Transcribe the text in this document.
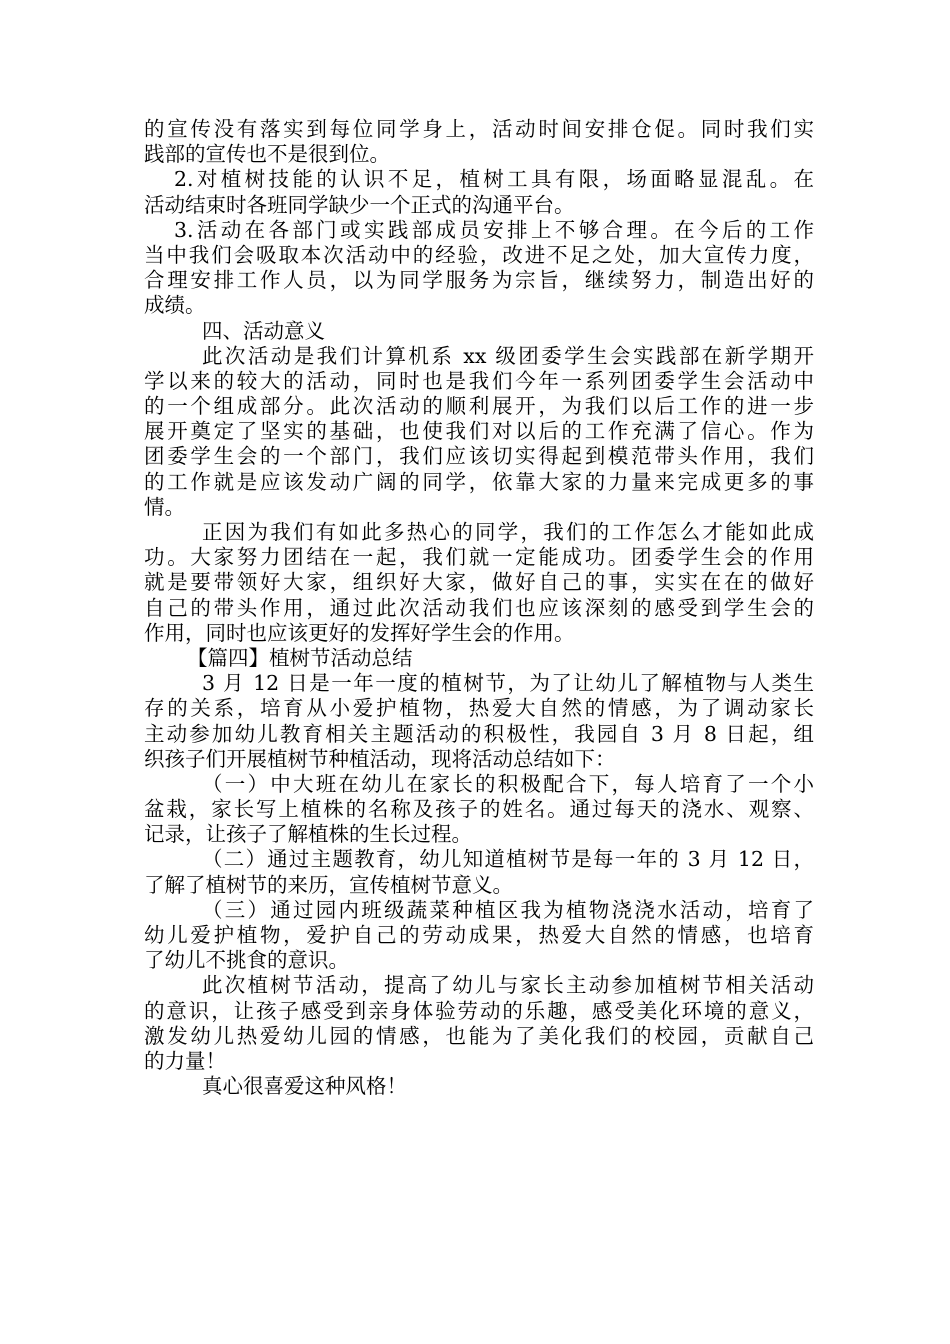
的宣传没有落实到每位同学身上，活动时间安排仓促。同时我们实
践部的宣传也不是很到位。
2.对植树技能的认识不足，植树工具有限，场面略显混乱。在
活动结束时各班同学缺少一个正式的沟通平台。
3.活动在各部门或实践部成员安排上不够合理。在今后的工作
当中我们会吸取本次活动中的经验，改进不足之处，加大宣传力度，
合理安排工作人员，以为同学服务为宗旨，继续努力，制造出好的
成绩。
四、活动意义
此次活动是我们计算机系 xx 级团委学生会实践部在新学期开
学以来的较大的活动，同时也是我们今年一系列团委学生会活动中
的一个组成部分。此次活动的顺利展开，为我们以后工作的进一步
展开奠定了坚实的基础，也使我们对以后的工作充满了信心。作为
团委学生会的一个部门，我们应该切实得起到模范带头作用，我们
的工作就是应该发动广阔的同学，依靠大家的力量来完成更多的事
情。
正因为我们有如此多热心的同学，我们的工作怎么才能如此成
功。大家努力团结在一起，我们就一定能成功。团委学生会的作用
就是要带领好大家，组织好大家，做好自己的事，实实在在的做好
自己的带头作用，通过此次活动我们也应该深刻的感受到学生会的
作用，同时也应该更好的发挥好学生会的作用。
【篇四】植树节活动总结
3 月 12 日是一年一度的植树节，为了让幼儿了解植物与人类生
存的关系，培育从小爱护植物，热爱大自然的情感，为了调动家长
主动参加幼儿教育相关主题活动的积极性，我园自 3 月 8 日起，组
织孩子们开展植树节种植活动，现将活动总结如下：
（一）中大班在幼儿在家长的积极配合下，每人培育了一个小
盆栽，家长写上植株的名称及孩子的姓名。通过每天的浇水、观察、
记录，让孩子了解植株的生长过程。
（二）通过主题教育，幼儿知道植树节是每一年的 3 月 12 日，
了解了植树节的来历，宣传植树节意义。
（三）通过园内班级蔬菜种植区我为植物浇浇水活动，培育了
幼儿爱护植物，爱护自己的劳动成果，热爱大自然的情感，也培育
了幼儿不挑食的意识。
此次植树节活动，提高了幼儿与家长主动参加植树节相关活动
的意识，让孩子感受到亲身体验劳动的乐趣，感受美化环境的意义，
激发幼儿热爱幼儿园的情感，也能为了美化我们的校园，贡献自己
的力量！
真心很喜爱这种风格！
